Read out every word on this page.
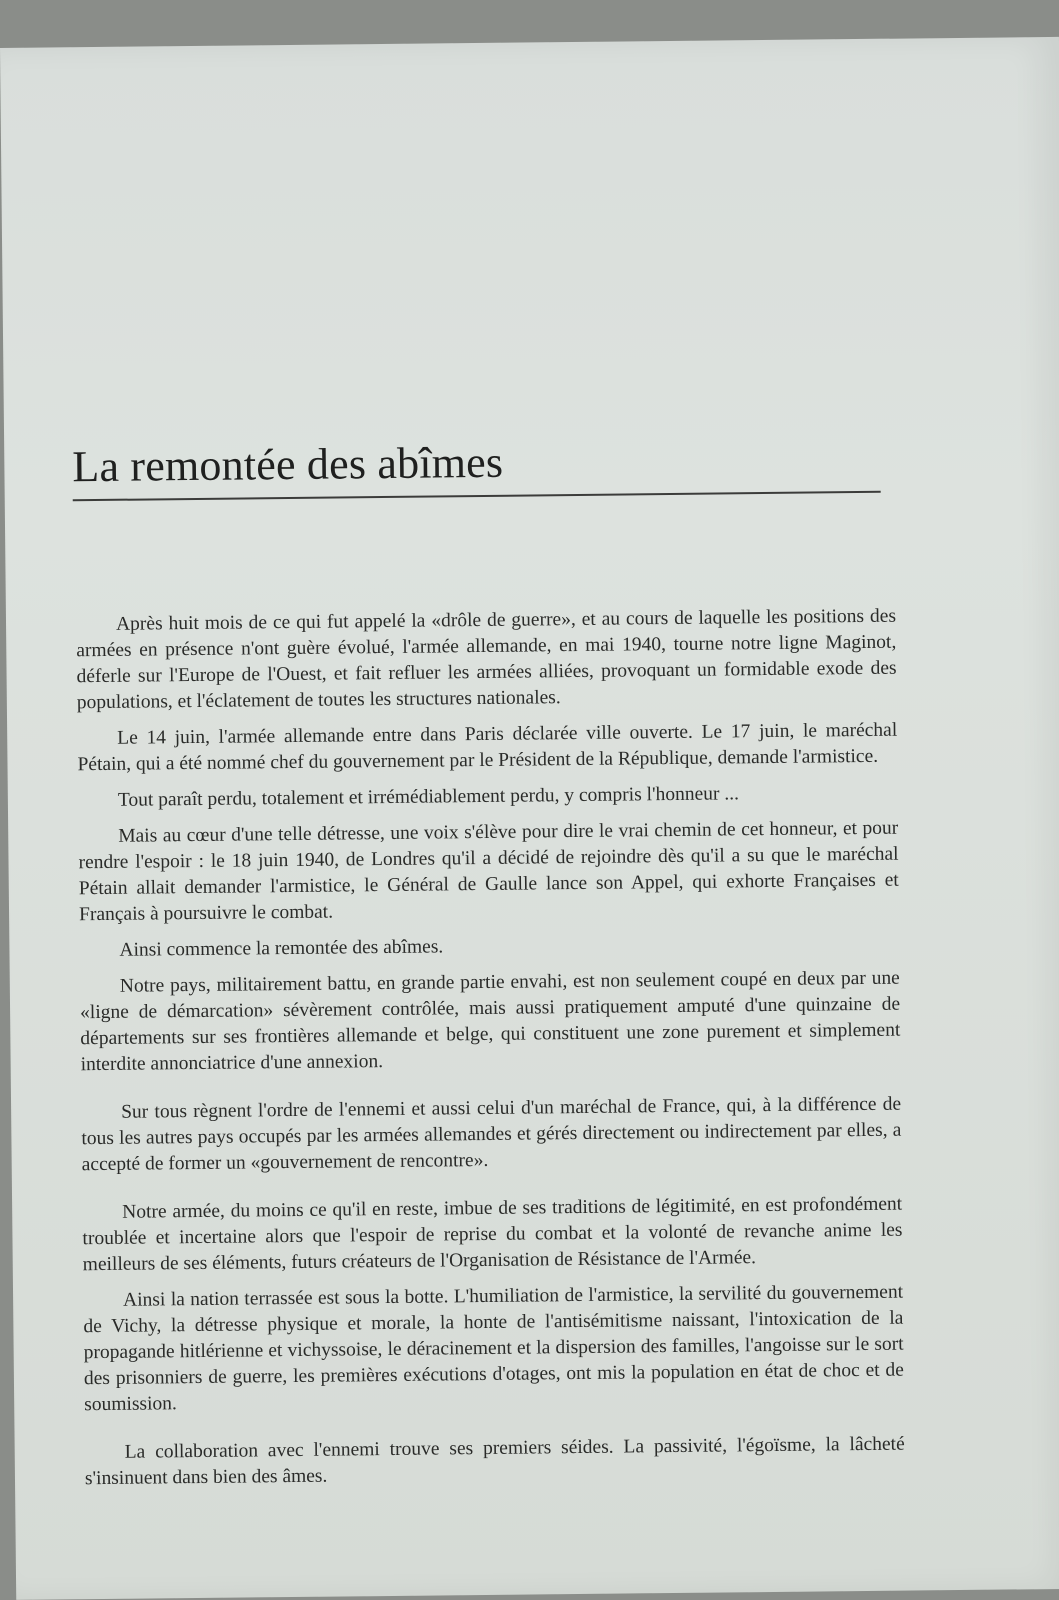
La remontée des abîmes

Après huit mois de ce qui fut appelé la «drôle de guerre», et au cours de laquelle les positions des armées en présence n'ont guère évolué, l'armée allemande, en mai 1940, tourne notre ligne Maginot, déferle sur l'Europe de l'Ouest, et fait refluer les armées alliées, provoquant un formidable exode des populations, et l'éclatement de toutes les structures nationales.

Le 14 juin, l'armée allemande entre dans Paris déclarée ville ouverte. Le 17 juin, le maréchal Pétain, qui a été nommé chef du gouvernement par le Président de la République, demande l'armistice.

Tout paraît perdu, totalement et irrémédiablement perdu, y compris l'honneur ...

Mais au cœur d'une telle détresse, une voix s'élève pour dire le vrai chemin de cet honneur, et pour rendre l'espoir : le 18 juin 1940, de Londres qu'il a décidé de rejoindre dès qu'il a su que le maréchal Pétain allait demander l'armistice, le Général de Gaulle lance son Appel, qui exhorte Françaises et Français à poursuivre le combat.

Ainsi commence la remontée des abîmes.

Notre pays, militairement battu, en grande partie envahi, est non seulement coupé en deux par une «ligne de démarcation» sévèrement contrôlée, mais aussi pratiquement amputé d'une quinzaine de départements sur ses frontières allemande et belge, qui constituent une zone purement et simplement interdite annonciatrice d'une annexion.

Sur tous règnent l'ordre de l'ennemi et aussi celui d'un maréchal de France, qui, à la différence de tous les autres pays occupés par les armées allemandes et gérés directement ou indirectement par elles, a accepté de former un «gouvernement de rencontre».

Notre armée, du moins ce qu'il en reste, imbue de ses traditions de légitimité, en est profondément troublée et incertaine alors que l'espoir de reprise du combat et la volonté de revanche anime les meilleurs de ses éléments, futurs créateurs de l'Organisation de Résistance de l'Armée.

Ainsi la nation terrassée est sous la botte. L'humiliation de l'armistice, la servilité du gouvernement de Vichy, la détresse physique et morale, la honte de l'antisémitisme naissant, l'intoxication de la propagande hitlérienne et vichyssoise, le déracinement et la dispersion des familles, l'angoisse sur le sort des prisonniers de guerre, les premières exécutions d'otages, ont mis la population en état de choc et de soumission.

La collaboration avec l'ennemi trouve ses premiers séides. La passivité, l'égoïsme, la lâcheté s'insinuent dans bien des âmes.
